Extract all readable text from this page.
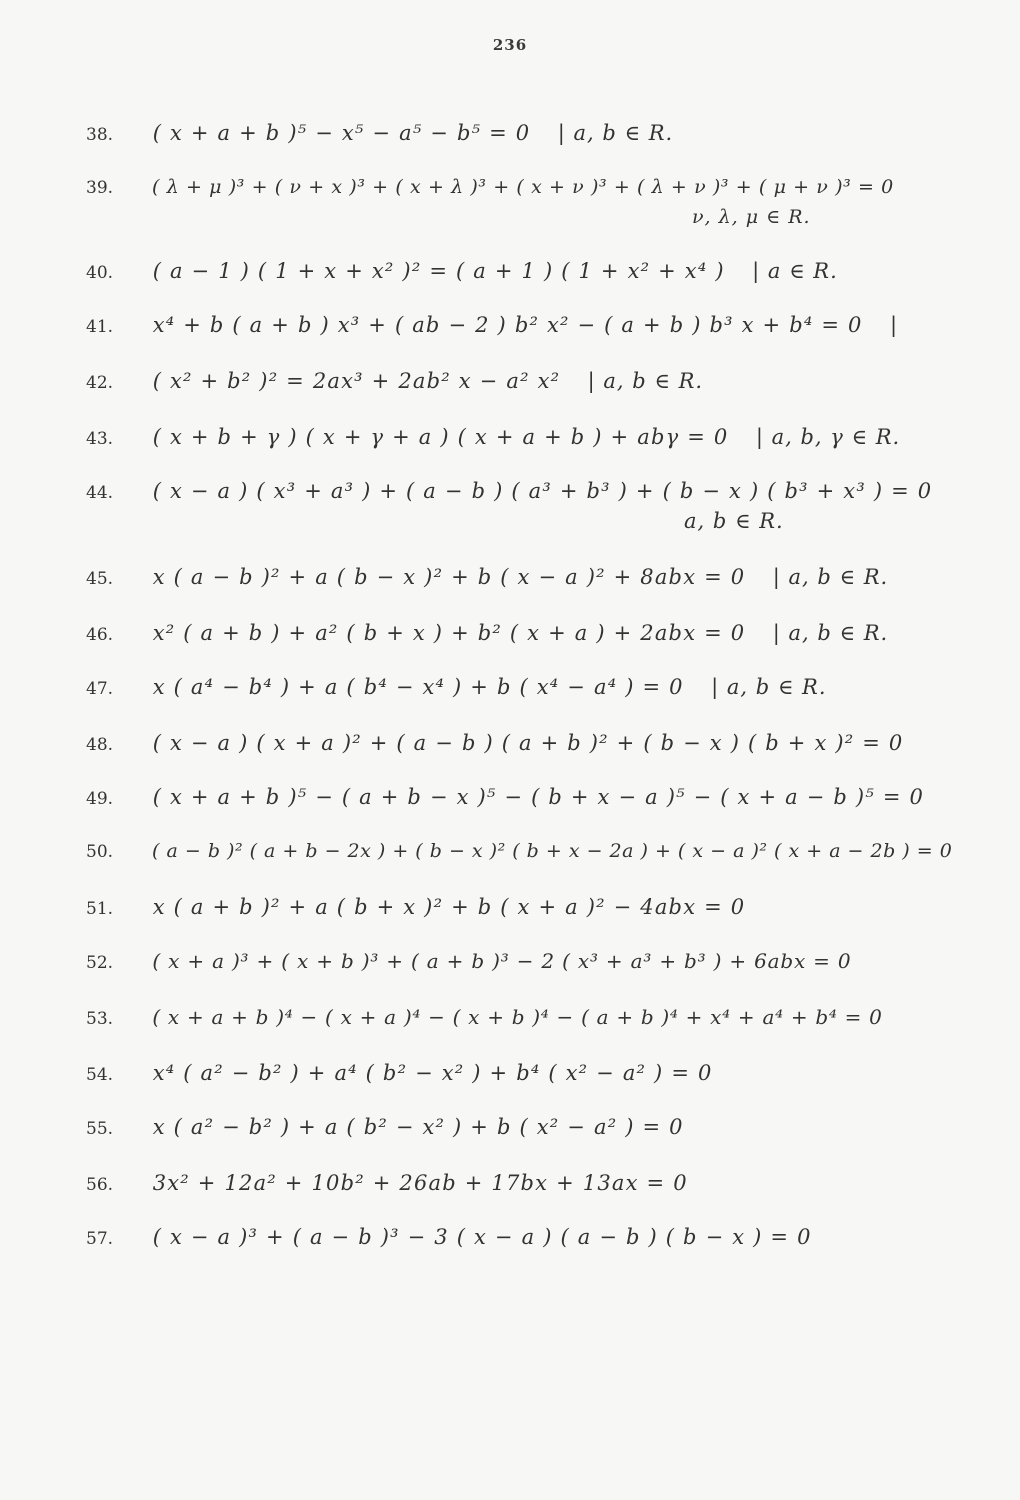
236
38. ( x + a + b )⁵ − x⁵ − a⁵ − b⁵ = 0 | a, b ∈ R.
39. ( λ + μ )³ + ( ν + x )³ + ( x + λ )³ + ( x + ν )³ + ( λ + ν )³ + ( μ + ν )³ = 0
ν, λ, μ ∈ R.
40. ( a − 1 ) ( 1 + x + x² )² = ( a + 1 ) ( 1 + x² + x⁴ ) | a ∈ R.
41. x⁴ + b ( a + b ) x³ + ( ab − 2 ) b² x² − ( a + b ) b³ x + b⁴ = 0 |
42. ( x² + b² )² = 2ax³ + 2ab² x − a² x² | a, b ∈ R.
43. ( x + b + γ ) ( x + γ + a ) ( x + a + b ) + abγ = 0 | a, b, γ ∈ R.
44. ( x − a ) ( x³ + a³ ) + ( a − b ) ( a³ + b³ ) + ( b − x ) ( b³ + x³ ) = 0
a, b ∈ R.
45. x ( a − b )² + a ( b − x )² + b ( x − a )² + 8abx = 0 | a, b ∈ R.
46. x² ( a + b ) + a² ( b + x ) + b² ( x + a ) + 2abx = 0 | a, b ∈ R.
47. x ( a⁴ − b⁴ ) + a ( b⁴ − x⁴ ) + b ( x⁴ − a⁴ ) = 0 | a, b ∈ R.
48. ( x − a ) ( x + a )² + ( a − b ) ( a + b )² + ( b − x ) ( b + x )² = 0
49. ( x + a + b )⁵ − ( a + b − x )⁵ − ( b + x − a )⁵ − ( x + a − b )⁵ = 0
50. ( a − b )² ( a + b − 2x ) + ( b − x )² ( b + x − 2a ) + ( x − a )² ( x + a − 2b ) = 0
51. x ( a + b )² + a ( b + x )² + b ( x + a )² − 4abx = 0
52. ( x + a )³ + ( x + b )³ + ( a + b )³ − 2 ( x³ + a³ + b³ ) + 6abx = 0
53. ( x + a + b )⁴ − ( x + a )⁴ − ( x + b )⁴ − ( a + b )⁴ + x⁴ + a⁴ + b⁴ = 0
54. x⁴ ( a² − b² ) + a⁴ ( b² − x² ) + b⁴ ( x² − a² ) = 0
55. x ( a² − b² ) + a ( b² − x² ) + b ( x² − a² ) = 0
56. 3x² + 12a² + 10b² + 26ab + 17bx + 13ax = 0
57. ( x − a )³ + ( a − b )³ − 3 ( x − a ) ( a − b ) ( b − x ) = 0
